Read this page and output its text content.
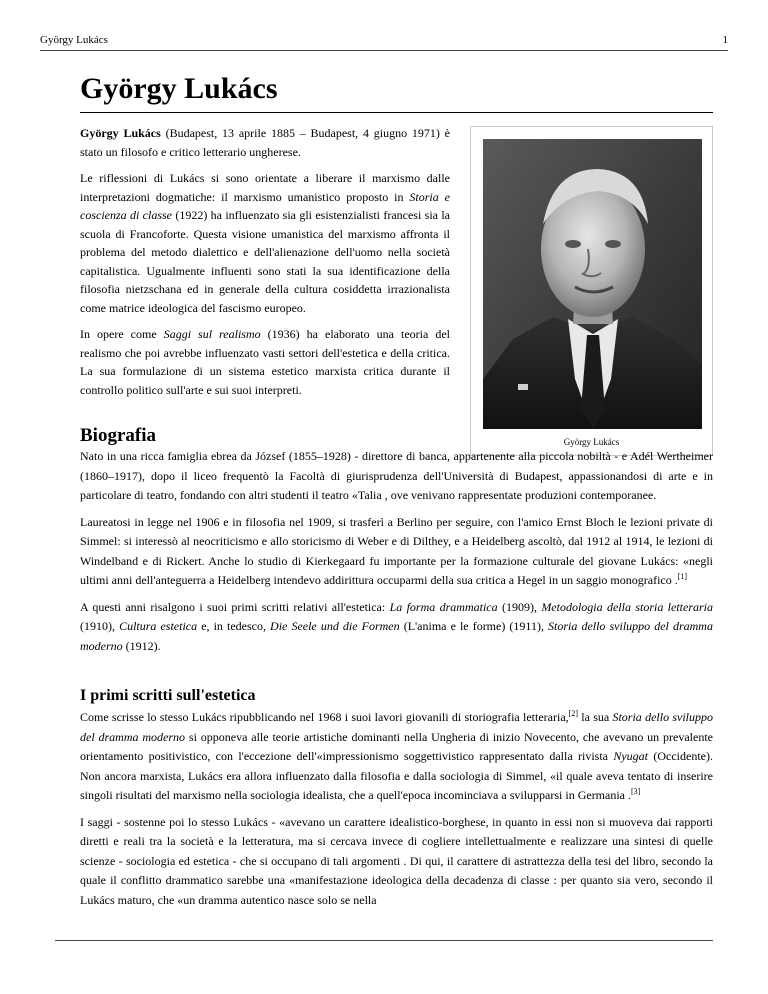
György Lukács	1
György Lukács
György Lukács

György Lukács (Budapest, 13 aprile 1885 – Budapest, 4 giugno 1971) è stato un filosofo e critico letterario ungherese.

Le riflessioni di Lukács si sono orientate a liberare il marxismo dalle interpretazioni dogmatiche: il marxismo umanistico proposto in Storia e coscienza di classe (1922) ha influenzato sia gli esistenzialisti francesi sia la scuola di Francoforte. Questa visione umanistica del marxismo affronta il problema del metodo dialettico e dell'alienazione dell'uomo nella società capitalistica. Ugualmente influenti sono stati la sua identificazione della filosofia nietzschana ed in generale della cultura cosiddetta irrazionalista come matrice ideologica del fascismo europeo.

In opere come Saggi sul realismo (1936) ha elaborato una teoria del realismo che poi avrebbe influenzato vasti settori dell'estetica e della critica. La sua formulazione di un sistema estetico marxista critica durante il controllo politico sull'arte e sui suoi interpreti.

Biografia

Nato in una ricca famiglia ebrea da József (1855–1928) - direttore di banca, appartenente alla piccola nobiltà - e Adél Wertheimer (1860–1917), dopo il liceo frequentò la Facoltà di giurisprudenza dell'Università di Budapest, appassionandosi di arte e in particolare di teatro, fondando con altri studenti il teatro «Talia , ove venivano rappresentate produzioni contemporanee.

Laureatosi in legge nel 1906 e in filosofia nel 1909, si trasferì a Berlino per seguire, con l'amico Ernst Bloch le lezioni private di Simmel: si interessò al neocriticismo e allo storicismo di Weber e di Dilthey, e a Heidelberg ascoltò, dal 1912 al 1914, le lezioni di Windelband e di Rickert. Anche lo studio di Kierkegaard fu importante per la formazione culturale del giovane Lukács: «negli ultimi anni dell'anteguerra a Heidelberg intendevo addirittura occuparmi della sua critica a Hegel in un saggio monografico .[1]

A questi anni risalgono i suoi primi scritti relativi all'estetica: La forma drammatica (1909), Metodologia della storia letteraria (1910), Cultura estetica e, in tedesco, Die Seele und die Formen (L'anima e le forme) (1911), Storia dello sviluppo del dramma moderno (1912).

I primi scritti sull'estetica

Come scrisse lo stesso Lukács ripubblicando nel 1968 i suoi lavori giovanili di storiografia letteraria,[2] la sua Storia dello sviluppo del dramma moderno si opponeva alle teorie artistiche dominanti nella Ungheria di inizio Novecento, che avevano un prevalente orientamento positivistico, con l'eccezione dell'«impressionismo soggettivistico rappresentato dalla rivista Nyugat (Occidente). Non ancora marxista, Lukács era allora influenzato dalla filosofia e dalla sociologia di Simmel, «il quale aveva tentato di inserire singoli risultati del marxismo nella sociologia idealista, che a quell'epoca incominciava a svilupparsi in Germania .[3]

I saggi - sostenne poi lo stesso Lukács - «avevano un carattere idealistico-borghese, in quanto in essi non si muoveva dai rapporti diretti e reali tra la società e la letteratura, ma si cercava invece di cogliere intellettualmente e realizzare una sintesi di quelle scienze - sociologia ed estetica - che si occupano di tali argomenti . Di qui, il carattere di astrattezza della tesi del libro, secondo la quale il conflitto drammatico sarebbe una «manifestazione ideologica della decadenza di classe : per quanto sia vero, secondo il Lukács maturo, che «un dramma autentico nasce solo se nella
